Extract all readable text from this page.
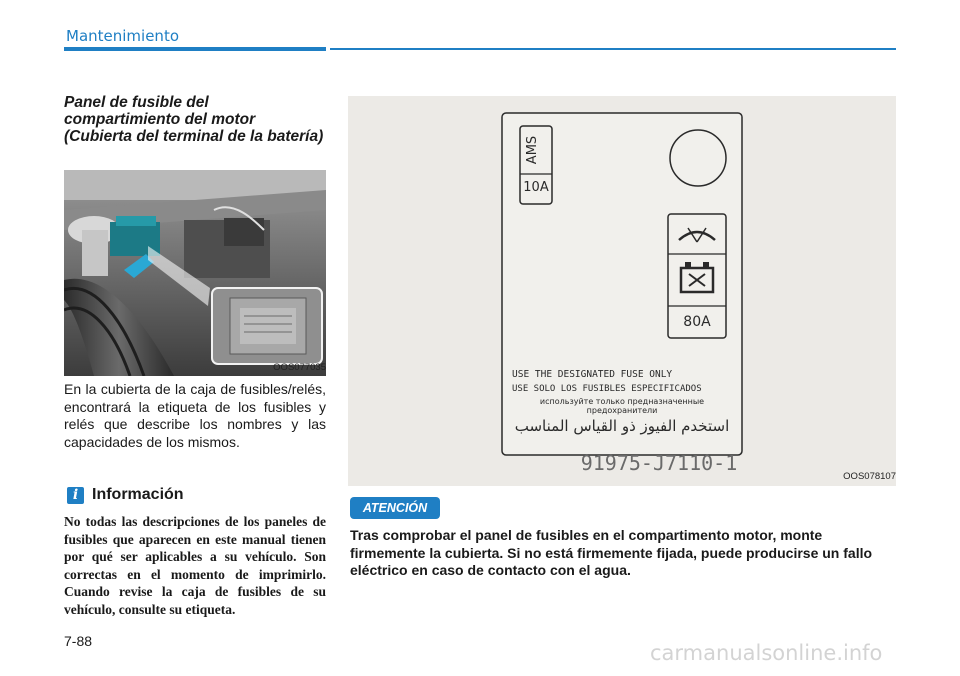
Mantenimiento
Panel de fusible del compartimiento del motor (Cubierta del terminal de la batería)
OOS077035
En la cubierta de la caja de fusibles/relés, encontrará la etiqueta de los fusibles y relés que describe los nombres y las capacidades de los mismos.
i Información
No todas las descripciones de los paneles de fusibles que aparecen en este manual tienen por qué ser aplicables a su vehículo. Son correctas en el momento de imprimirlo. Cuando revise la caja de fusibles de su vehículo, consulte su etiqueta.
AMS
10A
80A
USE THE DESIGNATED FUSE ONLY
USE SOLO LOS FUSIBLES ESPECIFICADOS
используйте только предназначенные
предохранители
استخدم الفيوز ذو القياس المناسب
91975-J7110-1
OOS078107
ATENCIÓN
Tras comprobar el panel de fusibles en el compartimento motor, monte firmemente la cubierta. Si no está firmemente fijada, puede producirse un fallo eléctrico en caso de contacto con el agua.
7-88	carmanualsonline.info
